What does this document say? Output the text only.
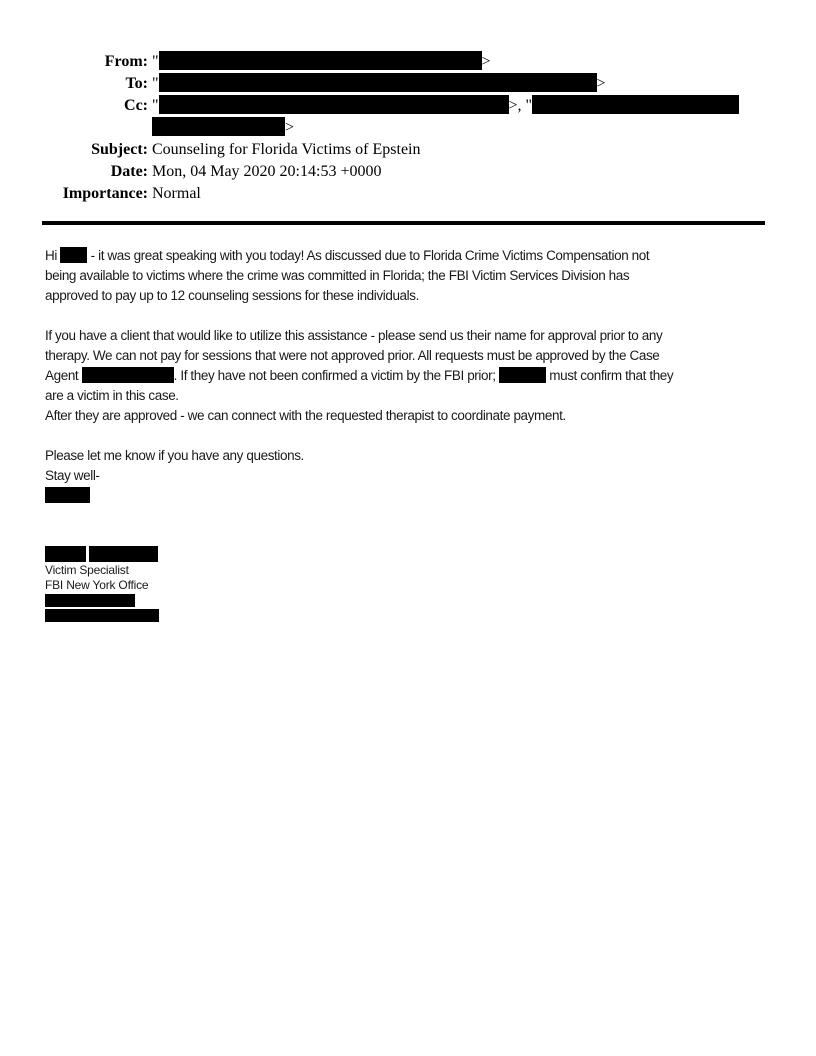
From: "	>
To: "	>
Cc: "	>, "
>
Subject: Counseling for Florida Victims of Epstein
Date: Mon, 04 May 2020 20:14:53 +0000
Importance: Normal
Hi  - it was great speaking with you today! As discussed due to Florida Crime Victims Compensation not
being available to victims where the crime was committed in Florida; the FBI Victim Services Division has
approved to pay up to 12 counseling sessions for these individuals.
If you have a client that would like to utilize this assistance - please send us their name for approval prior to any
therapy. We can not pay for sessions that were not approved prior. All requests must be approved by the Case
Agent	. If they have not been confirmed a victim by the FBI prior;	must confirm that they
are a victim in this case.
After they are approved - we can connect with the requested therapist to coordinate payment.
Please let me know if you have any questions.
Stay well-

Victim Specialist
FBI New York Office
